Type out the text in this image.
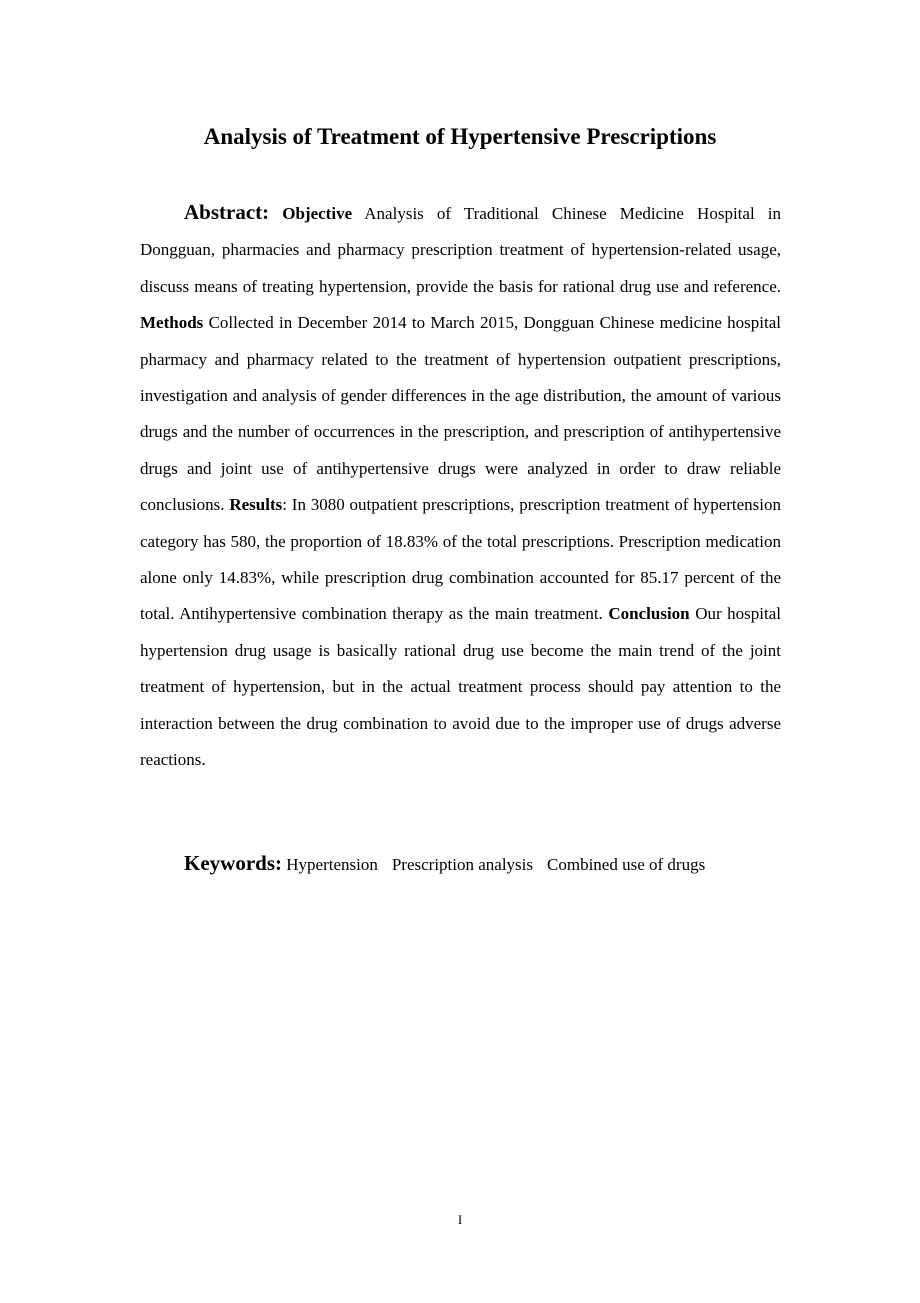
Analysis of Treatment of Hypertensive Prescriptions

Abstract: Objective Analysis of Traditional Chinese Medicine Hospital in Dongguan, pharmacies and pharmacy prescription treatment of hypertension-related usage, discuss means of treating hypertension, provide the basis for rational drug use and reference. Methods Collected in December 2014 to March 2015, Dongguan Chinese medicine hospital pharmacy and pharmacy related to the treatment of hypertension outpatient prescriptions, investigation and analysis of gender differences in the age distribution, the amount of various drugs and the number of occurrences in the prescription, and prescription of antihypertensive drugs and joint use of antihypertensive drugs were analyzed in order to draw reliable conclusions. Results: In 3080 outpatient prescriptions, prescription treatment of hypertension category has 580, the proportion of 18.83% of the total prescriptions. Prescription medication alone only 14.83%, while prescription drug combination accounted for 85.17 percent of the total. Antihypertensive combination therapy as the main treatment. Conclusion Our hospital hypertension drug usage is basically rational drug use become the main trend of the joint treatment of hypertension, but in the actual treatment process should pay attention to the interaction between the drug combination to avoid due to the improper use of drugs adverse reactions.

Keywords: Hypertension Prescription analysis Combined use of drugs

I
